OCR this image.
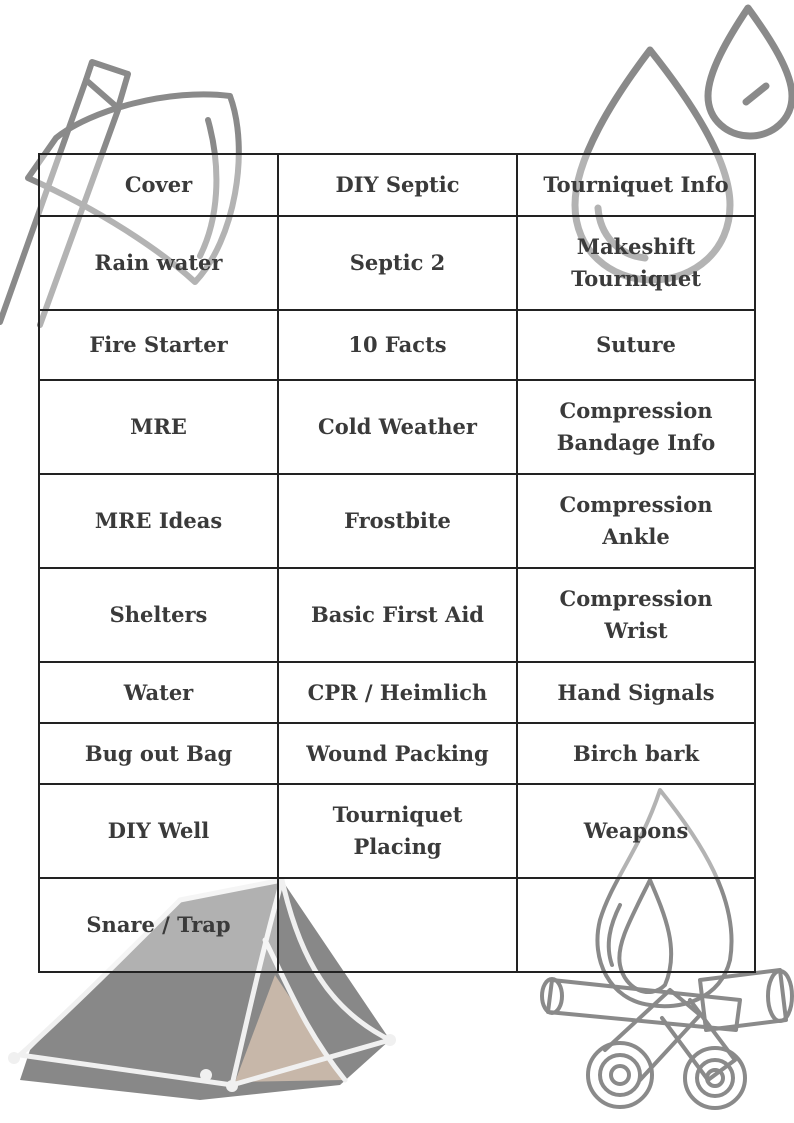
Cover	DIY Septic	Tourniquet Info
Rain water	Septic 2	Makeshift Tourniquet
Fire Starter	10 Facts	Suture
MRE	Cold Weather	Compression Bandage Info
MRE Ideas	Frostbite	Compression Ankle
Shelters	Basic First Aid	Compression Wrist
Water	CPR / Heimlich	Hand Signals
Bug out Bag	Wound Packing	Birch bark
DIY Well	Tourniquet Placing	Weapons
Snare / Trap		
